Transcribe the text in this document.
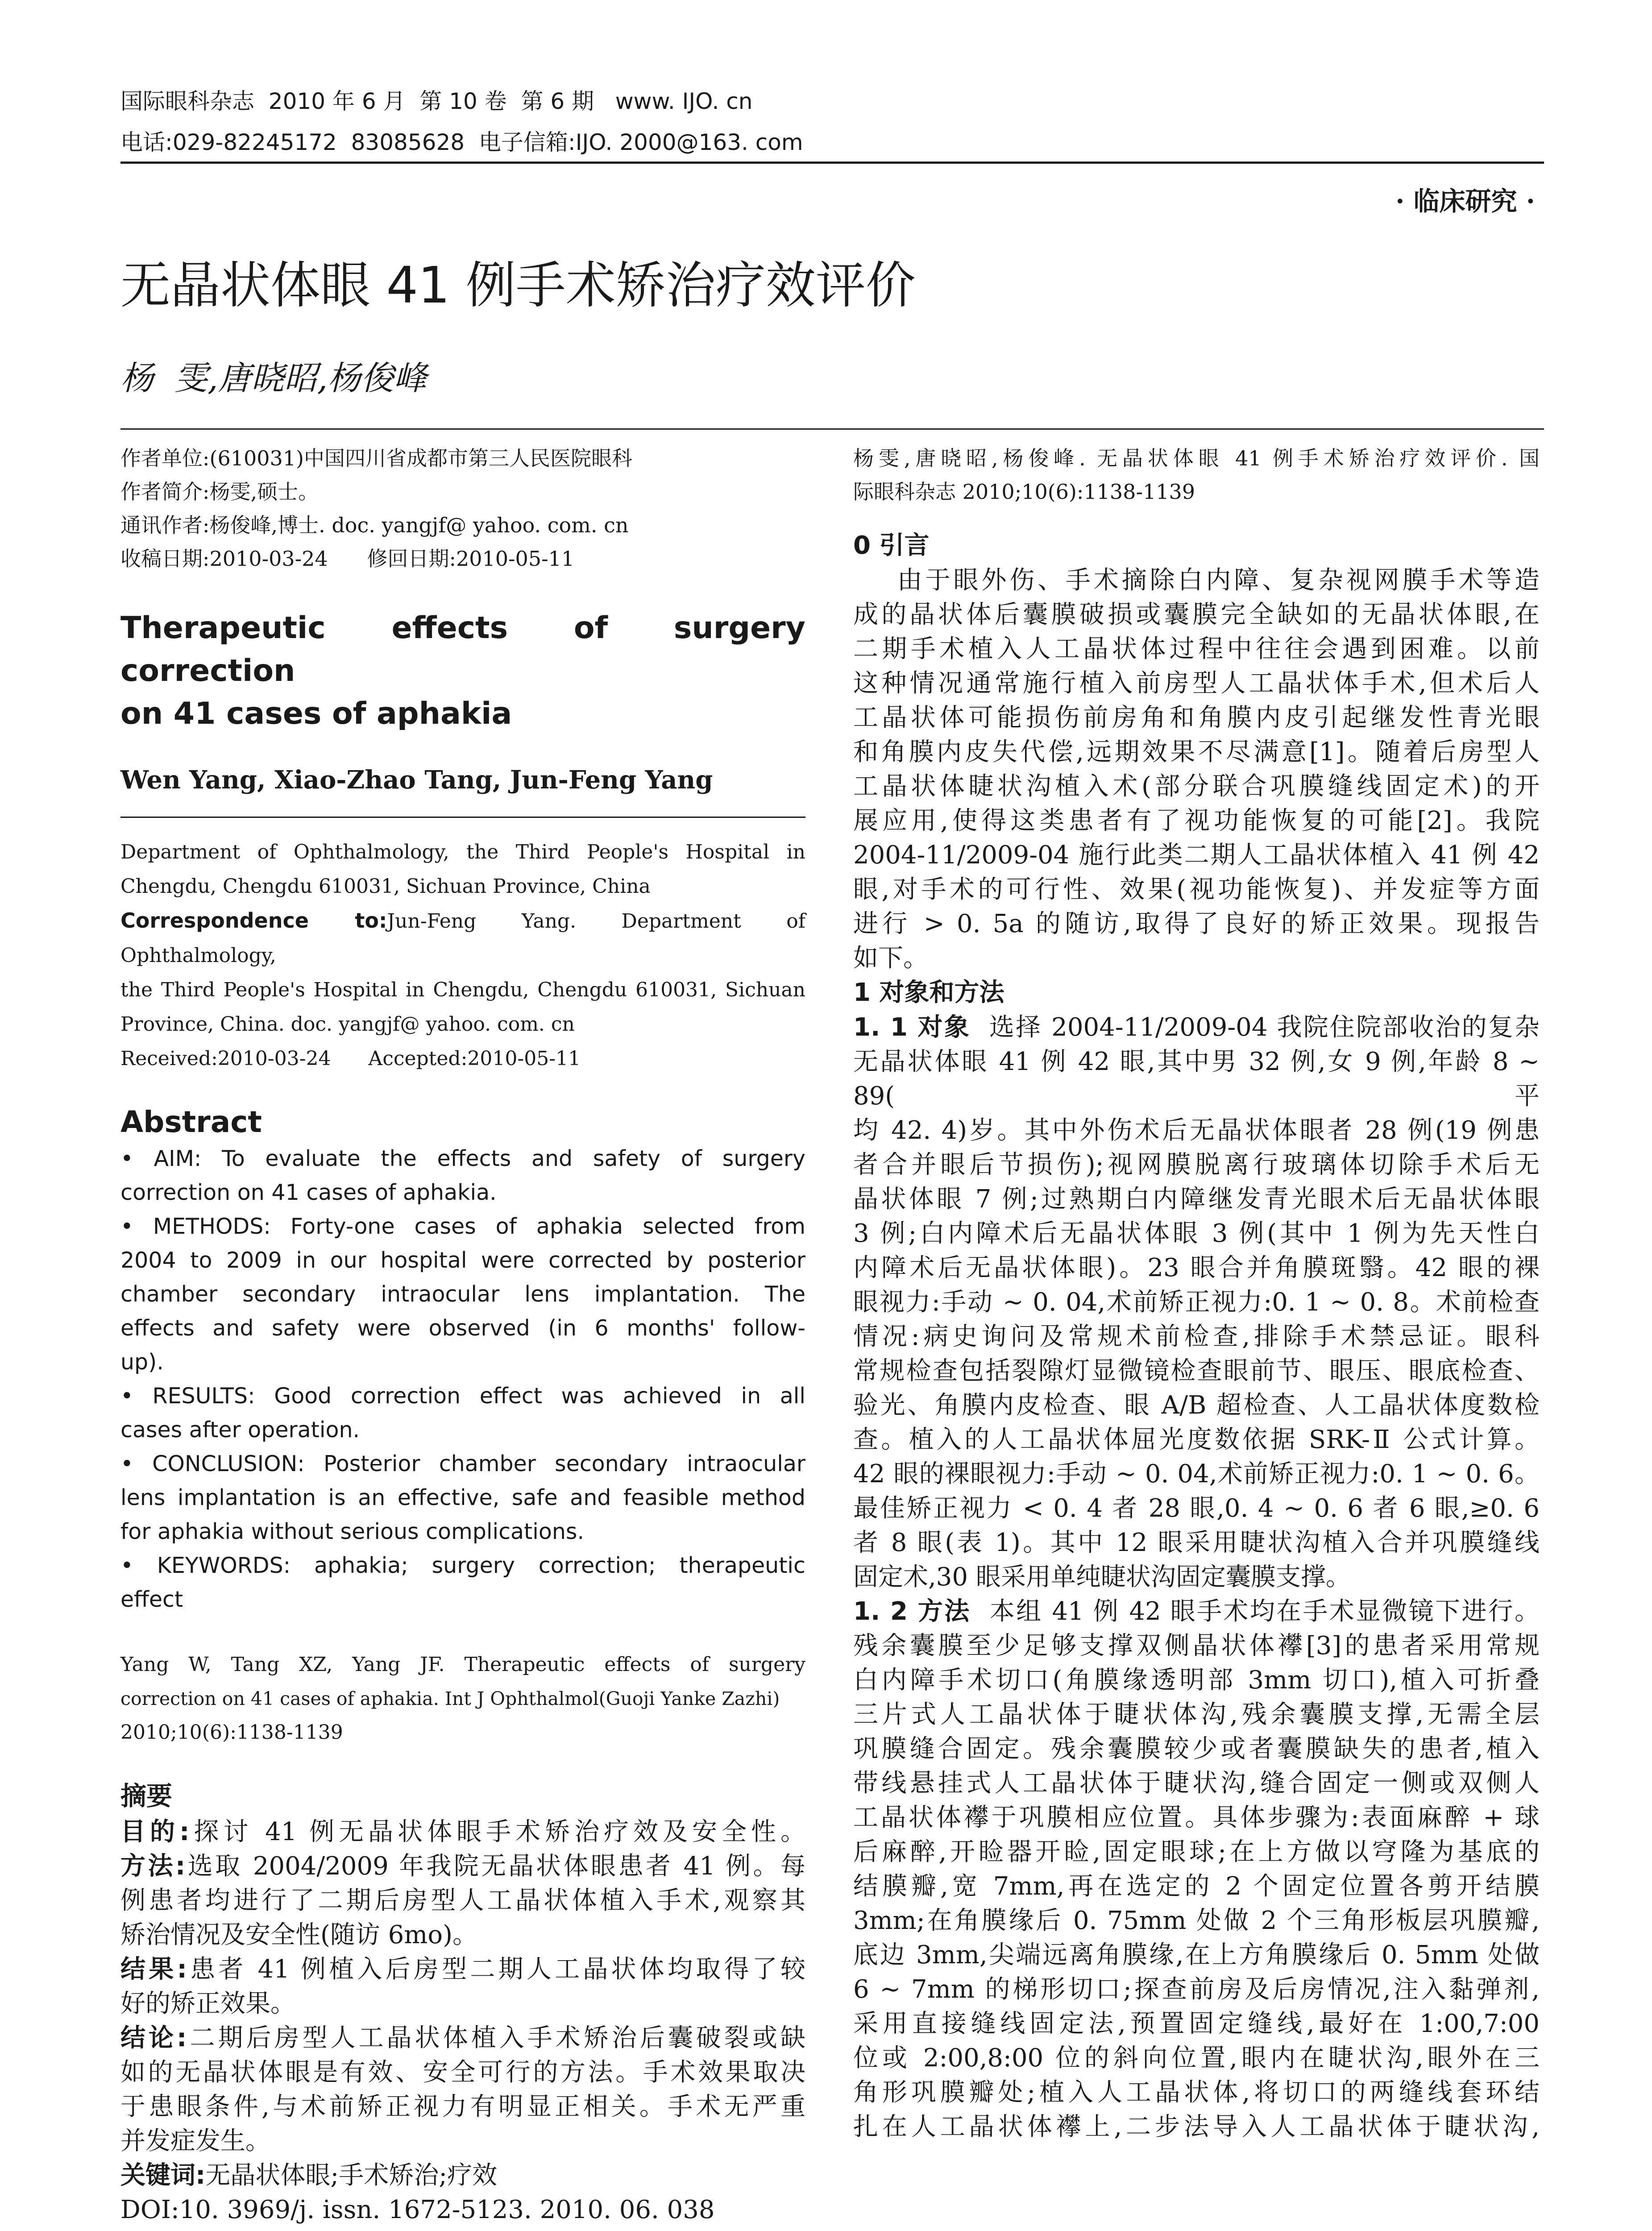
国际眼科杂志  2010 年 6 月  第 10 卷  第 6 期   www. IJO. cn
电话:029-82245172  83085628  电子信箱:IJO. 2000@163. com
· 临床研究 ·
无晶状体眼 41 例手术矫治疗效评价
杨  雯,唐晓昭,杨俊峰
作者单位:(610031)中国四川省成都市第三人民医院眼科
作者简介:杨雯,硕士。
通讯作者:杨俊峰,博士. doc. yangjf@ yahoo. com. cn
收稿日期:2010-03-24      修回日期:2010-05-11
Therapeutic effects of surgery correction
on 41 cases of aphakia
Wen Yang, Xiao-Zhao Tang, Jun-Feng Yang
Department of Ophthalmology, the Third People's Hospital in
Chengdu, Chengdu 610031, Sichuan Province, China
Correspondence to:Jun-Feng Yang. Department of Ophthalmology,
the Third People's Hospital in Chengdu, Chengdu 610031, Sichuan
Province, China. doc. yangjf@ yahoo. com. cn
Received:2010-03-24      Accepted:2010-05-11
Abstract
• AIM: To evaluate the effects and safety of surgery
correction on 41 cases of aphakia.
• METHODS: Forty-one cases of aphakia selected from
2004 to 2009 in our hospital were corrected by posterior
chamber secondary intraocular lens implantation. The
effects and safety were observed (in 6 months' follow-
up).
• RESULTS: Good correction effect was achieved in all
cases after operation.
• CONCLUSION: Posterior chamber secondary intraocular
lens implantation is an effective, safe and feasible method
for aphakia without serious complications.
• KEYWORDS: aphakia; surgery correction; therapeutic
effect
Yang W, Tang XZ, Yang JF. Therapeutic effects of surgery
correction on 41 cases of aphakia. Int J Ophthalmol(Guoji Yanke Zazhi)
2010;10(6):1138-1139
摘要
目的:探讨 41 例无晶状体眼手术矫治疗效及安全性。
方法:选取 2004/2009 年我院无晶状体眼患者 41 例。每
例患者均进行了二期后房型人工晶状体植入手术,观察其
矫治情况及安全性(随访 6mo)。
结果:患者 41 例植入后房型二期人工晶状体均取得了较
好的矫正效果。
结论:二期后房型人工晶状体植入手术矫治后囊破裂或缺
如的无晶状体眼是有效、安全可行的方法。手术效果取决
于患眼条件,与术前矫正视力有明显正相关。手术无严重
并发症发生。
关键词:无晶状体眼;手术矫治;疗效
DOI:10. 3969/j. issn. 1672-5123. 2010. 06. 038
杨雯,唐晓昭,杨俊峰. 无晶状体眼 41 例手术矫治疗效评价. 国
际眼科杂志 2010;10(6):1138-1139
0 引言
由于眼外伤、手术摘除白内障、复杂视网膜手术等造
成的晶状体后囊膜破损或囊膜完全缺如的无晶状体眼,在
二期手术植入人工晶状体过程中往往会遇到困难。以前
这种情况通常施行植入前房型人工晶状体手术,但术后人
工晶状体可能损伤前房角和角膜内皮引起继发性青光眼
和角膜内皮失代偿,远期效果不尽满意[1]。随着后房型人
工晶状体睫状沟植入术(部分联合巩膜缝线固定术)的开
展应用,使得这类患者有了视功能恢复的可能[2]。我院
2004-11/2009-04 施行此类二期人工晶状体植入 41 例 42
眼,对手术的可行性、效果(视功能恢复)、并发症等方面
进行 > 0. 5a 的随访,取得了良好的矫正效果。现报告
如下。
1 对象和方法
1. 1 对象  选择 2004-11/2009-04 我院住院部收治的复杂
无晶状体眼 41 例 42 眼,其中男 32 例,女 9 例,年龄 8 ~ 89(平
均 42. 4)岁。其中外伤术后无晶状体眼者 28 例(19 例患
者合并眼后节损伤);视网膜脱离行玻璃体切除手术后无
晶状体眼 7 例;过熟期白内障继发青光眼术后无晶状体眼
3 例;白内障术后无晶状体眼 3 例(其中 1 例为先天性白
内障术后无晶状体眼)。23 眼合并角膜斑翳。42 眼的裸
眼视力:手动 ~ 0. 04,术前矫正视力:0. 1 ~ 0. 8。术前检查
情况:病史询问及常规术前检查,排除手术禁忌证。眼科
常规检查包括裂隙灯显微镜检查眼前节、眼压、眼底检查、
验光、角膜内皮检查、眼 A/B 超检查、人工晶状体度数检
查。植入的人工晶状体屈光度数依据 SRK-Ⅱ 公式计算。
42 眼的裸眼视力:手动 ~ 0. 04,术前矫正视力:0. 1 ~ 0. 6。
最佳矫正视力 < 0. 4 者 28 眼,0. 4 ~ 0. 6 者 6 眼,≥0. 6
者 8 眼(表 1)。其中 12 眼采用睫状沟植入合并巩膜缝线
固定术,30 眼采用单纯睫状沟固定囊膜支撑。
1. 2 方法  本组 41 例 42 眼手术均在手术显微镜下进行。
残余囊膜至少足够支撑双侧晶状体襻[3]的患者采用常规
白内障手术切口(角膜缘透明部 3mm 切口),植入可折叠
三片式人工晶状体于睫状体沟,残余囊膜支撑,无需全层
巩膜缝合固定。残余囊膜较少或者囊膜缺失的患者,植入
带线悬挂式人工晶状体于睫状沟,缝合固定一侧或双侧人
工晶状体襻于巩膜相应位置。具体步骤为:表面麻醉 + 球
后麻醉,开睑器开睑,固定眼球;在上方做以穹隆为基底的
结膜瓣,宽 7mm,再在选定的 2 个固定位置各剪开结膜
3mm;在角膜缘后 0. 75mm 处做 2 个三角形板层巩膜瓣,
底边 3mm,尖端远离角膜缘,在上方角膜缘后 0. 5mm 处做
6 ~ 7mm 的梯形切口;探查前房及后房情况,注入黏弹剂,
采用直接缝线固定法,预置固定缝线,最好在 1:00,7:00
位或 2:00,8:00 位的斜向位置,眼内在睫状沟,眼外在三
角形巩膜瓣处;植入人工晶状体,将切口的两缝线套环结
扎在人工晶状体襻上,二步法导入人工晶状体于睫状沟,
